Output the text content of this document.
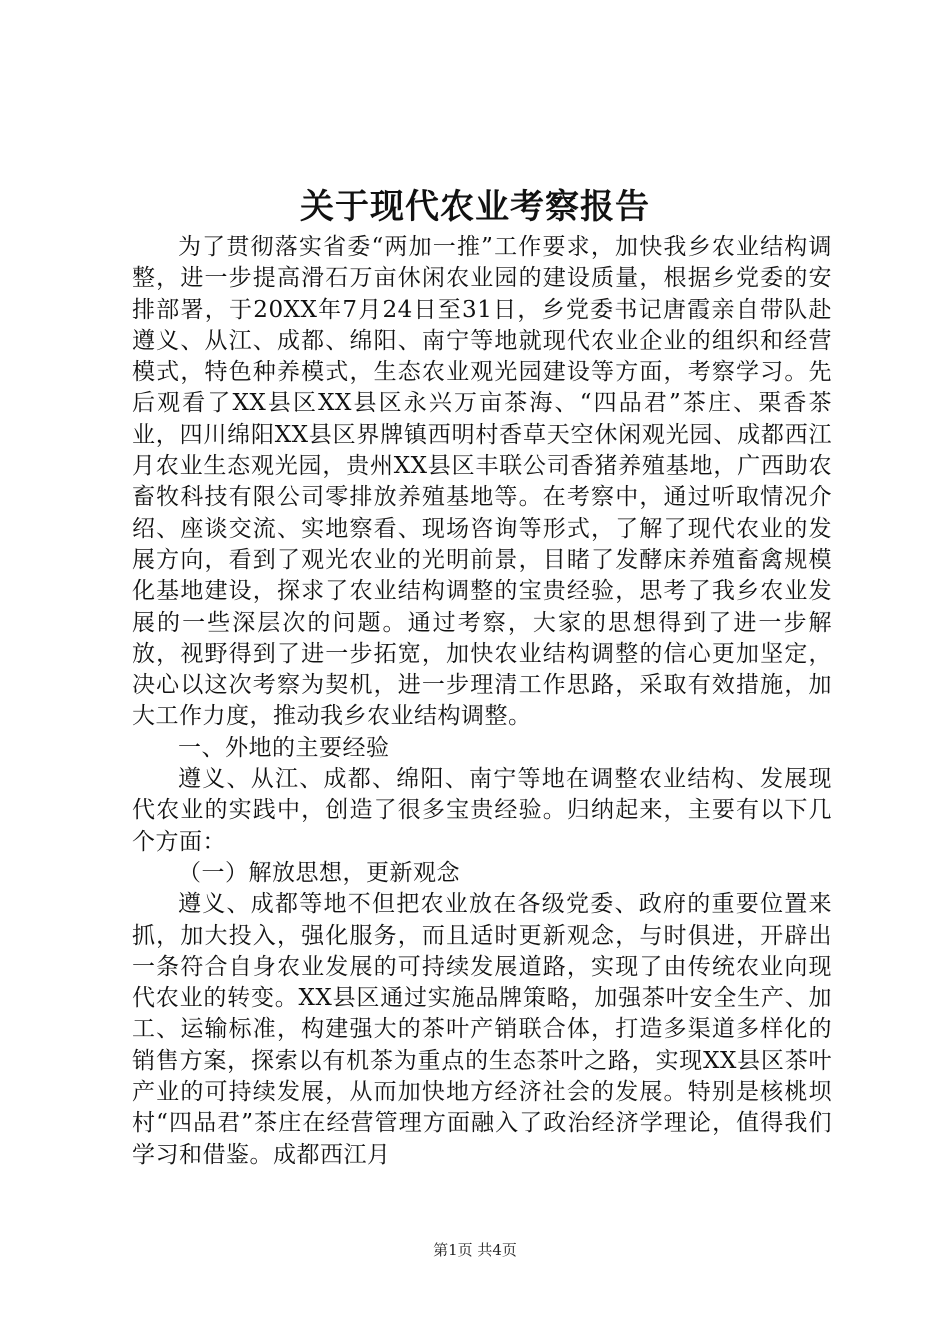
关于现代农业考察报告

为了贯彻落实省委“两加一推”工作要求，加快我乡农业结构调整，进一步提高滑石万亩休闲农业园的建设质量，根据乡党委的安排部署，于20XX年7月24日至31日，乡党委书记唐霞亲自带队赴遵义、从江、成都、绵阳、南宁等地就现代农业企业的组织和经营模式，特色种养模式，生态农业观光园建设等方面，考察学习。先后观看了XX县区XX县区永兴万亩茶海、“四品君”茶庄、栗香茶业，四川绵阳XX县区界牌镇西明村香草天空休闲观光园、成都西江月农业生态观光园，贵州XX县区丰联公司香猪养殖基地，广西助农畜牧科技有限公司零排放养殖基地等。在考察中，通过听取情况介绍、座谈交流、实地察看、现场咨询等形式，了解了现代农业的发展方向，看到了观光农业的光明前景，目睹了发酵床养殖畜禽规模化基地建设，探求了农业结构调整的宝贵经验，思考了我乡农业发展的一些深层次的问题。通过考察，大家的思想得到了进一步解放，视野得到了进一步拓宽，加快农业结构调整的信心更加坚定，决心以这次考察为契机，进一步理清工作思路，采取有效措施，加大工作力度，推动我乡农业结构调整。

一、外地的主要经验

遵义、从江、成都、绵阳、南宁等地在调整农业结构、发展现代农业的实践中，创造了很多宝贵经验。归纳起来，主要有以下几个方面：

（一）解放思想，更新观念

遵义、成都等地不但把农业放在各级党委、政府的重要位置来抓，加大投入，强化服务，而且适时更新观念，与时俱进，开辟出一条符合自身农业发展的可持续发展道路，实现了由传统农业向现代农业的转变。XX县区通过实施品牌策略，加强茶叶安全生产、加工、运输标准，构建强大的茶叶产销联合体，打造多渠道多样化的销售方案，探索以有机茶为重点的生态茶叶之路，实现XX县区茶叶产业的可持续发展，从而加快地方经济社会的发展。特别是核桃坝村“四品君”茶庄在经营管理方面融入了政治经济学理论，值得我们学习和借鉴。成都西江月

第1页 共4页
